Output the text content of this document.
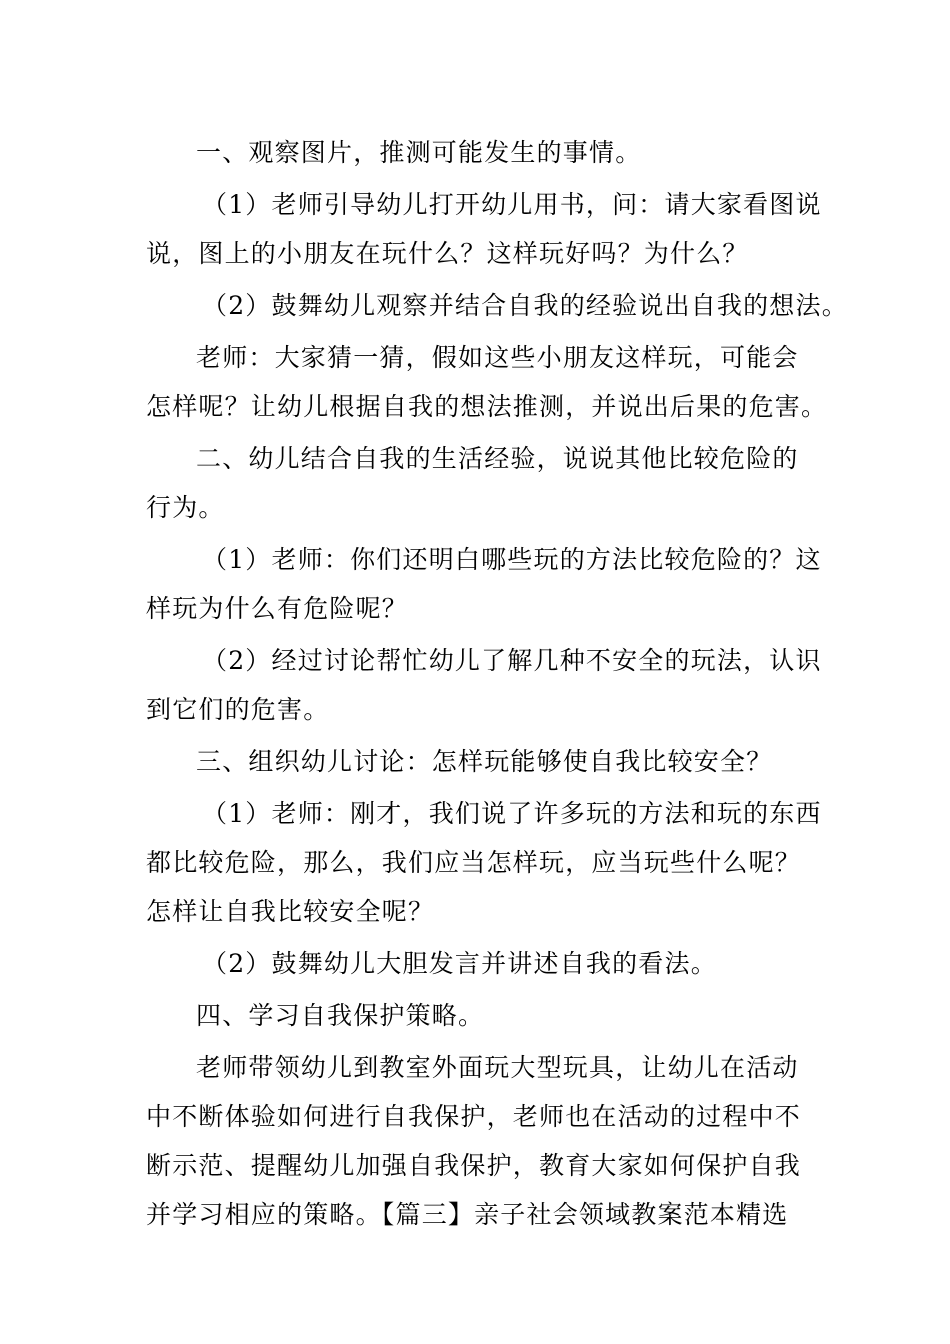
一、观察图片，推测可能发生的事情。

（1）老师引导幼儿打开幼儿用书，问：请大家看图说
说，图上的小朋友在玩什么？这样玩好吗？为什么？

（2）鼓舞幼儿观察并结合自我的经验说出自我的想法。

老师：大家猜一猜，假如这些小朋友这样玩，可能会
怎样呢？让幼儿根据自我的想法推测，并说出后果的危害。

二、幼儿结合自我的生活经验，说说其他比较危险的
行为。

（1）老师：你们还明白哪些玩的方法比较危险的？这
样玩为什么有危险呢？

（2）经过讨论帮忙幼儿了解几种不安全的玩法，认识
到它们的危害。

三、组织幼儿讨论：怎样玩能够使自我比较安全？

（1）老师：刚才，我们说了许多玩的方法和玩的东西
都比较危险，那么，我们应当怎样玩，应当玩些什么呢？
怎样让自我比较安全呢？

（2）鼓舞幼儿大胆发言并讲述自我的看法。

四、学习自我保护策略。

老师带领幼儿到教室外面玩大型玩具，让幼儿在活动
中不断体验如何进行自我保护，老师也在活动的过程中不
断示范、提醒幼儿加强自我保护，教育大家如何保护自我
并学习相应的策略。【篇三】亲子社会领域教案范本精选
